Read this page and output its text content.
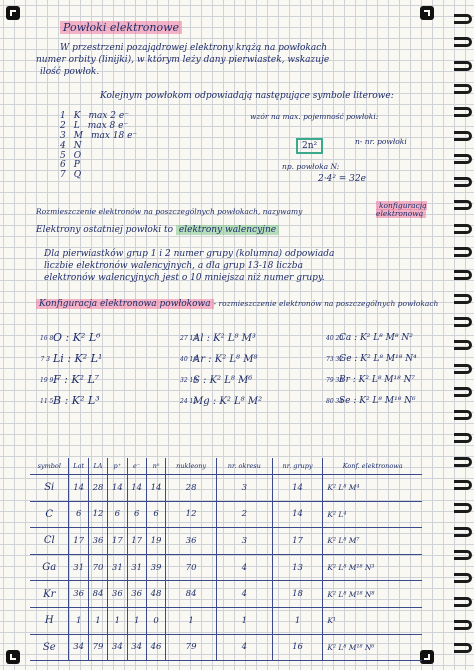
Powłoki elektronowe
W przestrzeni pozajądrowej elektrony krążą na powłokach
numer orbity (linijki), w którym leży dany pierwiastek, wskazuje
ilość powłok.
Kolejnym powłokom odpowiadają następujące symbole literowe:
1 K max 2 e⁻
2 L max 8 e⁻
3 M max 18 e⁻
4 N
5 O
6 P
7 Q
wzór na max. pojemność powłoki:
2n²	n- nr. powłoki
np. powłoka N:
2·4² = 32e
Rozmieszczenie elektronów na poszczególnych powłokach, nazywamy
konfiguracją elektronową
Elektrony ostatniej powłoki to elektrony walencyjne
Dla pierwiastków grup 1 i 2 numer grupy (kolumna) odpowiada
liczbie elektronów walencyjnych, a dla grup 13-18 liczba
elektronów walencyjnych jest o 10 mniejsza niż numer grupy.
Konfiguracja elektronowa powłokowa - rozmieszczenie elektronów na poszczególnych powłokach
16 8 O : K² L⁶
7 3 Li : K² L¹
19 9 F : K² L⁷
11 5 B : K² L³
27 13
Al : K² L⁸ M³
40 18
Ar : K² L⁸ M⁸
32 16
S : K² L⁸ M⁶
24 12
Mg : K² L⁸ M²
40 20
Ca : K² L⁸ M⁸ N²
73 32
Ge : K² L⁸ M¹⁸ N⁴
79 35
Br : K² L⁸ M¹⁸ N⁷
80 34
Se : K² L⁸ M¹⁸ N⁶
symbol	Lat	LA	p⁺	e⁻	n⁰	nukleony	nr. okresu	nr. grupy	Konf. elektronowa
Si	14	28	14	14	14	28	3	14	K² L⁸ M⁴
C	6	12	6	6	6	12	2	14	K² L⁴
Cl	17	36	17	17	19	36	3	17	K² L⁸ M⁷
Ga	31	70	31	31	39	70	4	13	K² L⁸ M¹⁸ N³
Kr	36	84	36	36	48	84	4	18	K² L⁸ M¹⁸ N⁸
H	1	1	1	1	0	1	1	1	K¹
Se	34	79	34	34	46	79	4	16	K² L⁸ M¹⁸ N⁶
